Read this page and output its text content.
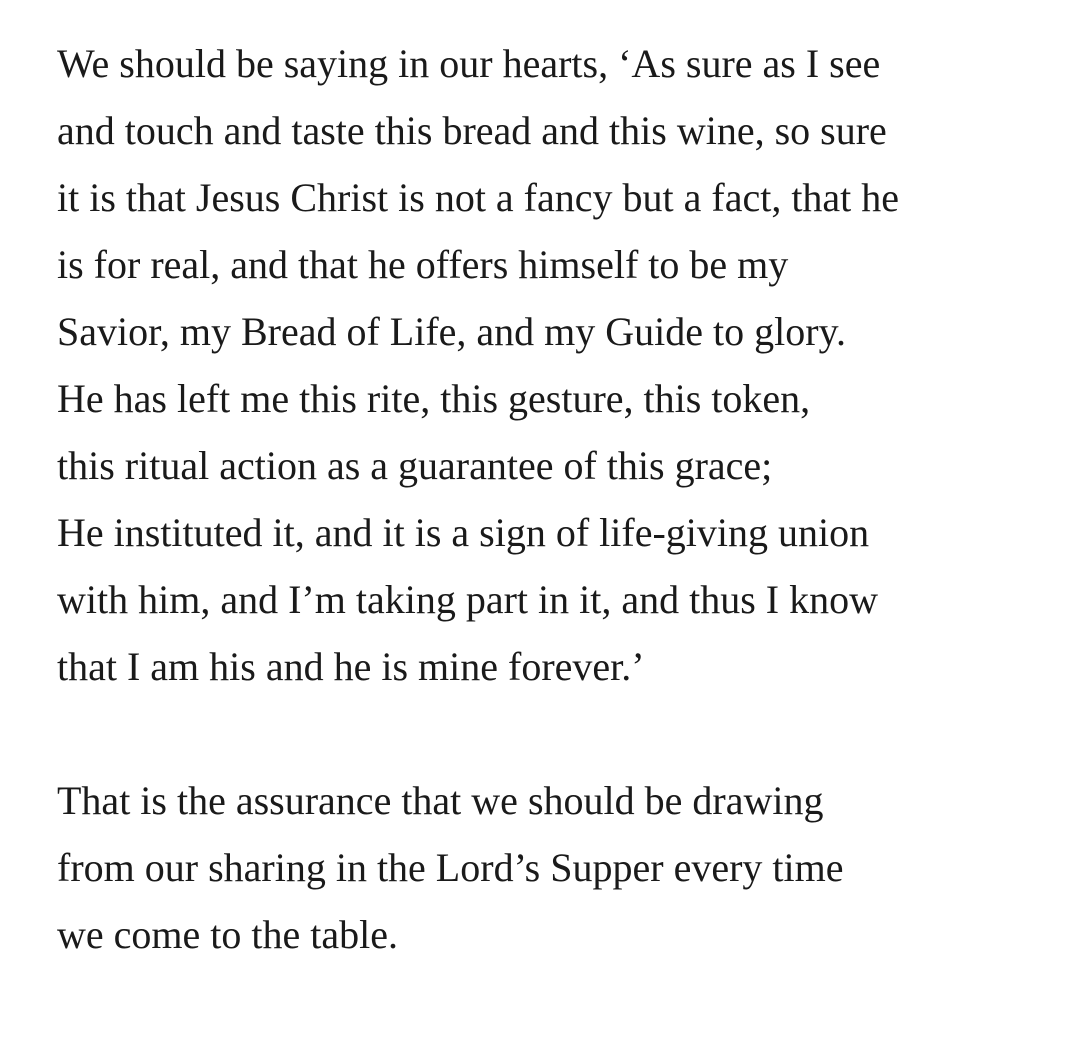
We should be saying in our hearts, ‘As sure as I see
and touch and taste this bread and this wine, so sure
it is that Jesus Christ is not a fancy but a fact, that he
is for real, and that he offers himself to be my
Savior, my Bread of Life, and my Guide to glory.
He has left me this rite, this gesture, this token,
this ritual action as a guarantee of this grace;
He instituted it, and it is a sign of life-giving union
with him, and I’m taking part in it, and thus I know
that I am his and he is mine forever.’

That is the assurance that we should be drawing
from our sharing in the Lord’s Supper every time
we come to the table.
